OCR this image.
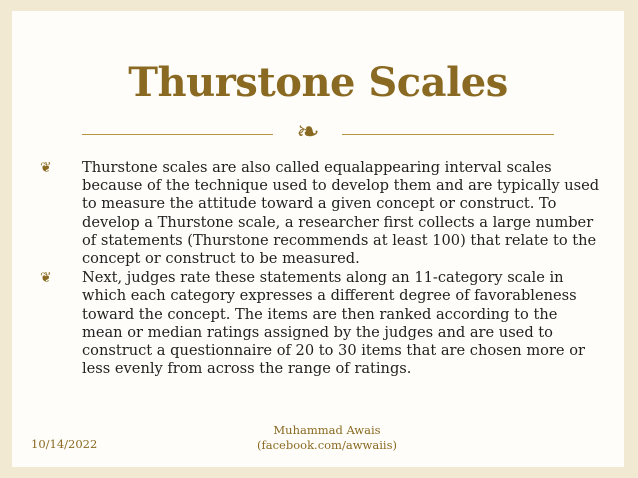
Thurstone Scales
❧
❦	Thurstone scales are also called equalappearing interval scales because of the technique used to develop them and are typically used to measure the attitude toward a given concept or construct. To develop a Thurstone scale, a researcher first collects a large number of statements (Thurstone recommends at least 100) that relate to the concept or construct to be measured.
❦	Next, judges rate these statements along an 11-category scale in which each category expresses a different degree of favorableness toward the concept. The items are then ranked according to the mean or median ratings assigned by the judges and are used to construct a questionnaire of 20 to 30 items that are chosen more or less evenly from across the range of ratings.
10/14/2022
Muhammad Awais
(facebook.com/awwaiis)
